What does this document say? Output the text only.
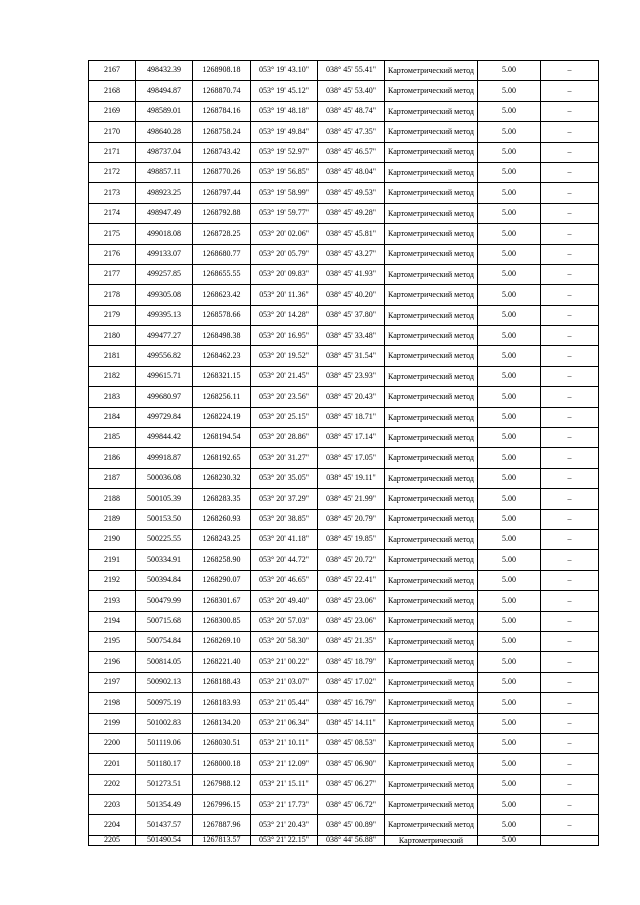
2167	498432.39	1268908.18	053° 19' 43.10"	038° 45' 55.41"	Картометрический метод	5.00	–
2168	498494.87	1268870.74	053° 19' 45.12"	038° 45' 53.40"	Картометрический метод	5.00	–
2169	498589.01	1268784.16	053° 19' 48.18"	038° 45' 48.74"	Картометрический метод	5.00	–
2170	498640.28	1268758.24	053° 19' 49.84"	038° 45' 47.35"	Картометрический метод	5.00	–
2171	498737.04	1268743.42	053° 19' 52.97"	038° 45' 46.57"	Картометрический метод	5.00	–
2172	498857.11	1268770.26	053° 19' 56.85"	038° 45' 48.04"	Картометрический метод	5.00	–
2173	498923.25	1268797.44	053° 19' 58.99"	038° 45' 49.53"	Картометрический метод	5.00	–
2174	498947.49	1268792.88	053° 19' 59.77"	038° 45' 49.28"	Картометрический метод	5.00	–
2175	499018.08	1268728.25	053° 20' 02.06"	038° 45' 45.81"	Картометрический метод	5.00	–
2176	499133.07	1268680.77	053° 20' 05.79"	038° 45' 43.27"	Картометрический метод	5.00	–
2177	499257.85	1268655.55	053° 20' 09.83"	038° 45' 41.93"	Картометрический метод	5.00	–
2178	499305.08	1268623.42	053° 20' 11.36"	038° 45' 40.20"	Картометрический метод	5.00	–
2179	499395.13	1268578.66	053° 20' 14.28"	038° 45' 37.80"	Картометрический метод	5.00	–
2180	499477.27	1268498.38	053° 20' 16.95"	038° 45' 33.48"	Картометрический метод	5.00	–
2181	499556.82	1268462.23	053° 20' 19.52"	038° 45' 31.54"	Картометрический метод	5.00	–
2182	499615.71	1268321.15	053° 20' 21.45"	038° 45' 23.93"	Картометрический метод	5.00	–
2183	499680.97	1268256.11	053° 20' 23.56"	038° 45' 20.43"	Картометрический метод	5.00	–
2184	499729.84	1268224.19	053° 20' 25.15"	038° 45' 18.71"	Картометрический метод	5.00	–
2185	499844.42	1268194.54	053° 20' 28.86"	038° 45' 17.14"	Картометрический метод	5.00	–
2186	499918.87	1268192.65	053° 20' 31.27"	038° 45' 17.05"	Картометрический метод	5.00	–
2187	500036.08	1268230.32	053° 20' 35.05"	038° 45' 19.11"	Картометрический метод	5.00	–
2188	500105.39	1268283.35	053° 20' 37.29"	038° 45' 21.99"	Картометрический метод	5.00	–
2189	500153.50	1268260.93	053° 20' 38.85"	038° 45' 20.79"	Картометрический метод	5.00	–
2190	500225.55	1268243.25	053° 20' 41.18"	038° 45' 19.85"	Картометрический метод	5.00	–
2191	500334.91	1268258.90	053° 20' 44.72"	038° 45' 20.72"	Картометрический метод	5.00	–
2192	500394.84	1268290.07	053° 20' 46.65"	038° 45' 22.41"	Картометрический метод	5.00	–
2193	500479.99	1268301.67	053° 20' 49.40"	038° 45' 23.06"	Картометрический метод	5.00	–
2194	500715.68	1268300.85	053° 20' 57.03"	038° 45' 23.06"	Картометрический метод	5.00	–
2195	500754.84	1268269.10	053° 20' 58.30"	038° 45' 21.35"	Картометрический метод	5.00	–
2196	500814.05	1268221.40	053° 21' 00.22"	038° 45' 18.79"	Картометрический метод	5.00	–
2197	500902.13	1268188.43	053° 21' 03.07"	038° 45' 17.02"	Картометрический метод	5.00	–
2198	500975.19	1268183.93	053° 21' 05.44"	038° 45' 16.79"	Картометрический метод	5.00	–
2199	501002.83	1268134.20	053° 21' 06.34"	038° 45' 14.11"	Картометрический метод	5.00	–
2200	501119.06	1268030.51	053° 21' 10.11"	038° 45' 08.53"	Картометрический метод	5.00	–
2201	501180.17	1268000.18	053° 21' 12.09"	038° 45' 06.90"	Картометрический метод	5.00	–
2202	501273.51	1267988.12	053° 21' 15.11"	038° 45' 06.27"	Картометрический метод	5.00	–
2203	501354.49	1267996.15	053° 21' 17.73"	038° 45' 06.72"	Картометрический метод	5.00	–
2204	501437.57	1267887.96	053° 21' 20.43"	038° 45' 00.89"	Картометрический метод	5.00	–
2205	501490.54	1267813.57	053° 21' 22.15"	038° 44' 56.88"	Картометрический	5.00	
